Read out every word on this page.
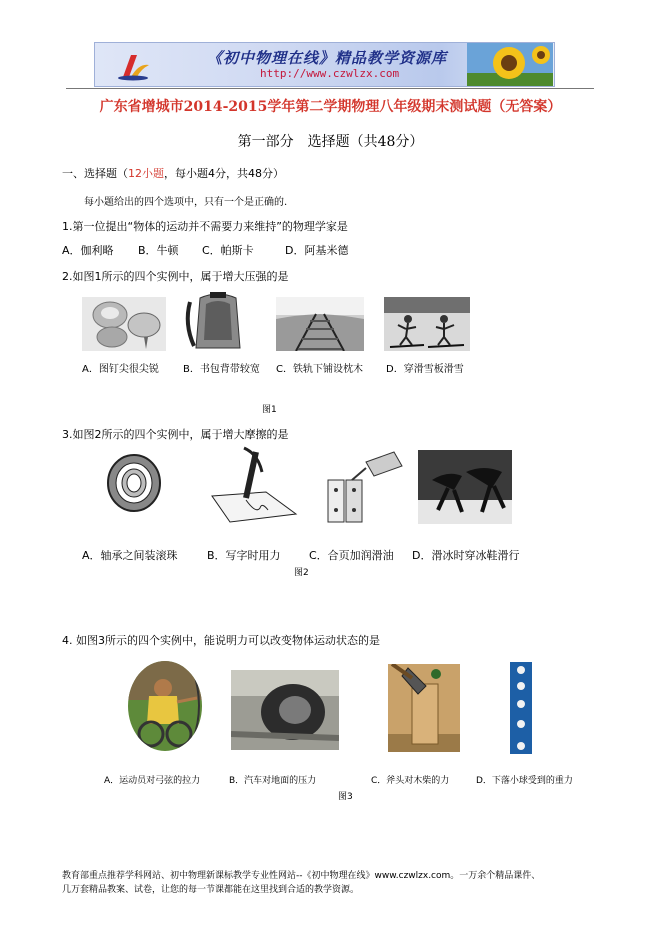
《初中物理在线》精品教学资源库
http://www.czwlzx.com
广东省增城市2014-2015学年第二学期物理八年级期末测试题（无答案）
第一部分　选择题（共48分）
一、选择题（12小题，每小题4分，共48分）
每小题给出的四个选项中，只有一个是正确的.
1.第一位提出“物体的运动并不需要力来维持”的物理学家是
A．伽利略 B．牛顿 C．帕斯卡	D．阿基米德
2.如图1所示的四个实例中，属于增大压强的是
A．图钉尖很尖锐 B．书包背带较宽 C．铁轨下铺设枕木 D．穿滑雪板滑雪
图1
3.如图2所示的四个实例中，属于增大摩擦的是
A．轴承之间装滚珠	B．写字时用力	C．合页加润滑油 D．滑冰时穿冰鞋滑行
图2
4. 如图3所示的四个实例中，能说明力可以改变物体运动状态的是
A．运动员对弓弦的拉力	B．汽车对地面的压力	C．斧头对木柴的力	D．下落小球受到的重力
图3
教育部重点推荐学科网站、初中物理新课标教学专业性网站--《初中物理在线》www.czwlzx.com。一万余个精品课件、
几万套精品教案、试卷，让您的每一节课都能在这里找到合适的教学资源。
